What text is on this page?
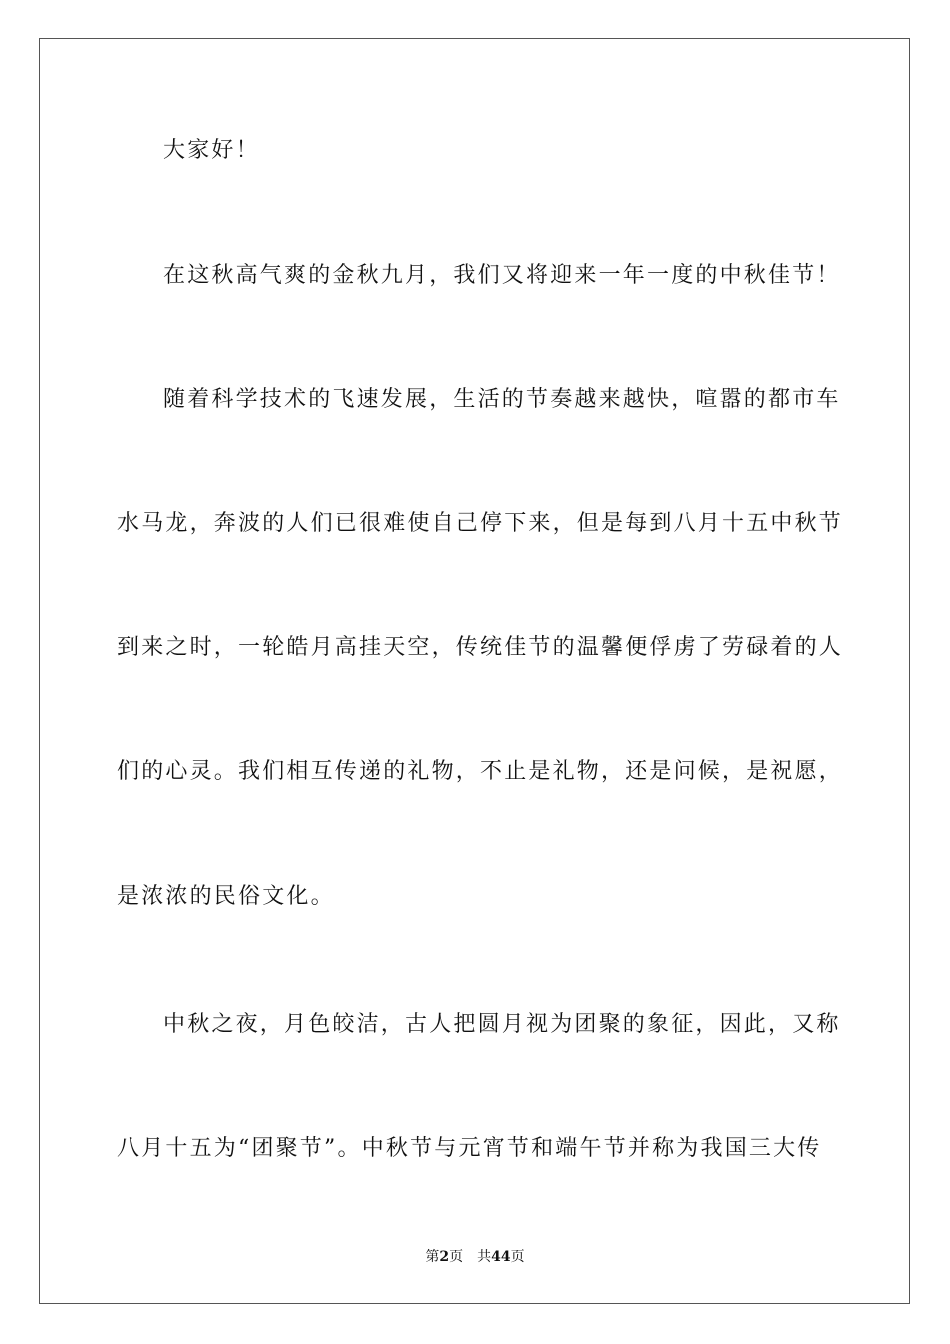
大家好！
在这秋高气爽的金秋九月，我们又将迎来一年一度的中秋佳节！
随着科学技术的飞速发展，生活的节奏越来越快，喧嚣的都市车
水马龙，奔波的人们已很难使自己停下来，但是每到八月十五中秋节
到来之时，一轮皓月高挂天空，传统佳节的温馨便俘虏了劳碌着的人
们的心灵。我们相互传递的礼物，不止是礼物，还是问候，是祝愿，
是浓浓的民俗文化。
中秋之夜，月色皎洁，古人把圆月视为团聚的象征，因此，又称
八月十五为“团聚节”。中秋节与元宵节和端午节并称为我国三大传
第2页 共44页
